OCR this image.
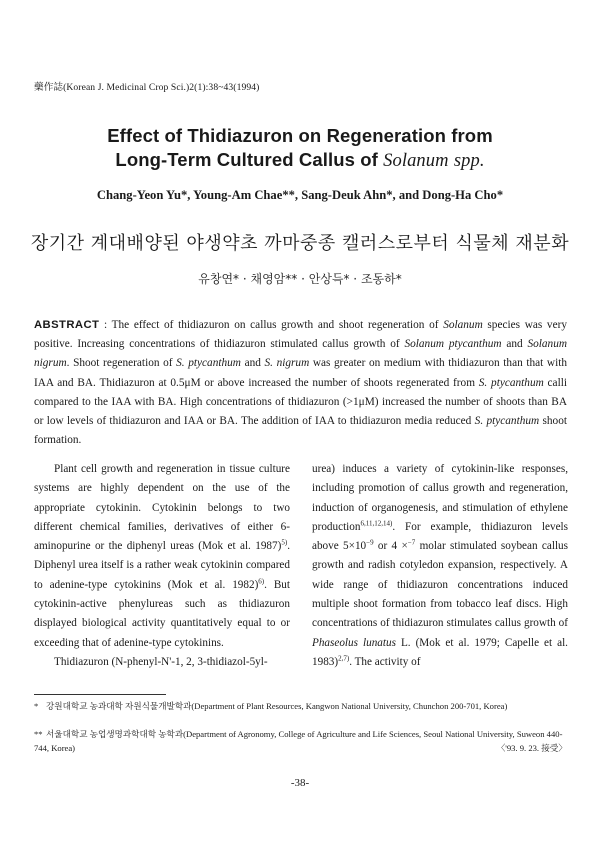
藥作誌(Korean J. Medicinal Crop Sci.)2(1):38~43(1994)
Effect of Thidiazuron on Regeneration from
Long-Term Cultured Callus of Solanum spp.
Chang-Yeon Yu*, Young-Am Chae**, Sang-Deuk Ahn*, and Dong-Ha Cho*
장기간 계대배양된 야생약초 까마중종 캘러스로부터 식물체 재분화
유창연* · 채영암** · 안상득* · 조동하*
ABSTRACT : The effect of thidiazuron on callus growth and shoot regeneration of Solanum species was very positive. Increasing concentrations of thidiazuron stimulated callus growth of Solanum ptycanthum and Solanum nigrum. Shoot regeneration of S. ptycanthum and S. nigrum was greater on medium with thidiazuron than that with IAA and BA. Thidiazuron at 0.5μM or above increased the number of shoots regenerated from S. ptycanthum calli compared to the IAA with BA. High concentrations of thidiazuron (>1μM) increased the number of shoots than BA or low levels of thidiazuron and IAA or BA. The addition of IAA to thidiazuron media reduced S. ptycanthum shoot formation.

Plant cell growth and regeneration in tissue culture systems are highly dependent on the use of the appropriate cytokinin. Cytokinin belongs to two different chemical families, derivatives of either 6-aminopurine or the diphenyl ureas (Mok et al. 1987)$^{5)}$. Diphenyl urea itself is a rather weak cytokinin compared to adenine-type cytokinins (Mok et al. 1982)$^{6)}$. But cytokinin-active phenylureas such as thidiazuron displayed biological activity quantitatively equal to or exceeding that of adenine-type cytokinins.

Thidiazuron (N-phenyl-N'-1, 2, 3-thidiazol-5yl-

urea) induces a variety of cytokinin-like responses, including promotion of callus growth and regeneration, induction of organogenesis, and stimulation of ethylene production$^{6,11,12,14)}$. For example, thidiazuron levels above $5\times 10^{-9}$ or 4 ×$^{-7}$ molar stimulated soybean callus growth and radish cotyledon expansion, respectively. A wide range of thidiazuron concentrations induced multiple shoot formation from tobacco leaf discs. High concentrations of thidiazuron stimulates callus growth of Phaseolus lunatus L. (Mok et al. 1979; Capelle et al. 1983)$^{2,7)}$. The activity of

* 강원대학교 농과대학 자원식물개발학과(Department of Plant Resources, Kangwon National University, Chunchon 200-701, Korea)
** 서울대학교 농업생명과학대학 농학과(Department of Agronomy, College of Agriculture and Life Sciences, Seoul National University, Suweon 440-744, Korea)	〈'93. 9. 23. 接受〉
-38-
